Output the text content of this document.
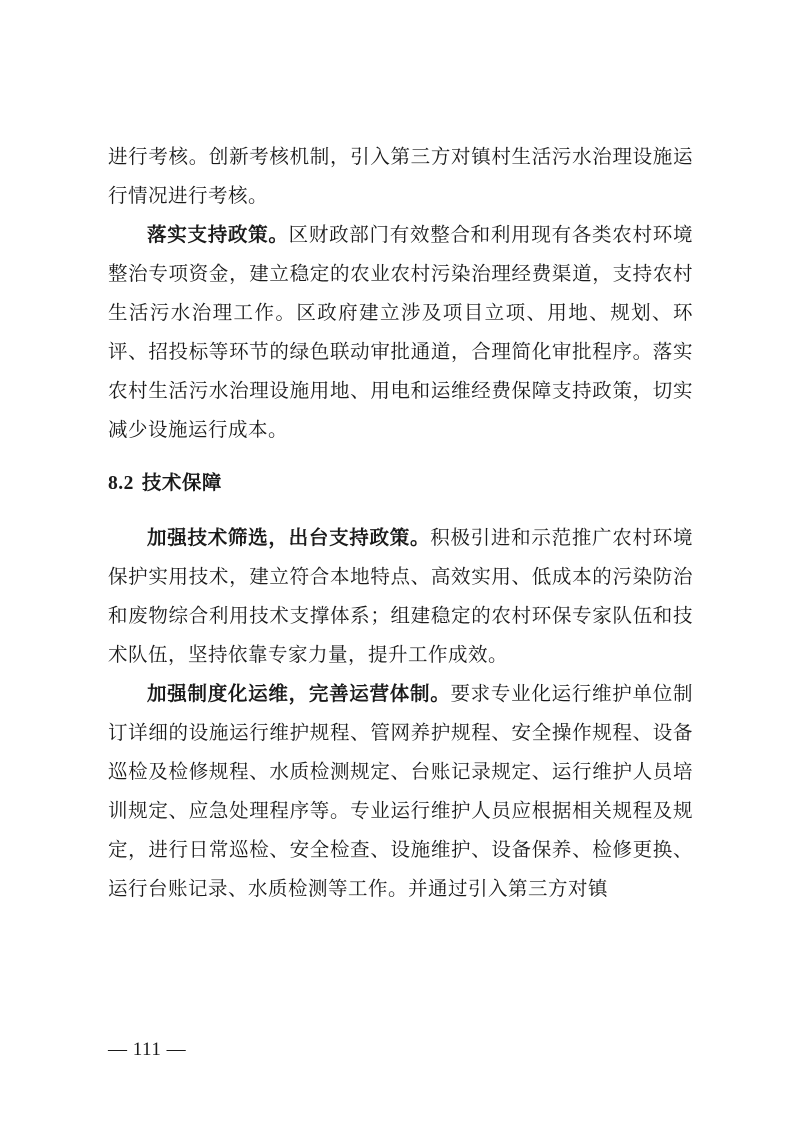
进行考核。创新考核机制，引入第三方对镇村生活污水治理设施运行情况进行考核。

落实支持政策。区财政部门有效整合和利用现有各类农村环境整治专项资金，建立稳定的农业农村污染治理经费渠道，支持农村生活污水治理工作。区政府建立涉及项目立项、用地、规划、环评、招投标等环节的绿色联动审批通道，合理简化审批程序。落实农村生活污水治理设施用地、用电和运维经费保障支持政策，切实减少设施运行成本。

8.2 技术保障

加强技术筛选，出台支持政策。积极引进和示范推广农村环境保护实用技术，建立符合本地特点、高效实用、低成本的污染防治和废物综合利用技术支撑体系；组建稳定的农村环保专家队伍和技术队伍，坚持依靠专家力量，提升工作成效。

加强制度化运维，完善运营体制。要求专业化运行维护单位制订详细的设施运行维护规程、管网养护规程、安全操作规程、设备巡检及检修规程、水质检测规定、台账记录规定、运行维护人员培训规定、应急处理程序等。专业运行维护人员应根据相关规程及规定，进行日常巡检、安全检查、设施维护、设备保养、检修更换、运行台账记录、水质检测等工作。并通过引入第三方对镇

— 111 —
